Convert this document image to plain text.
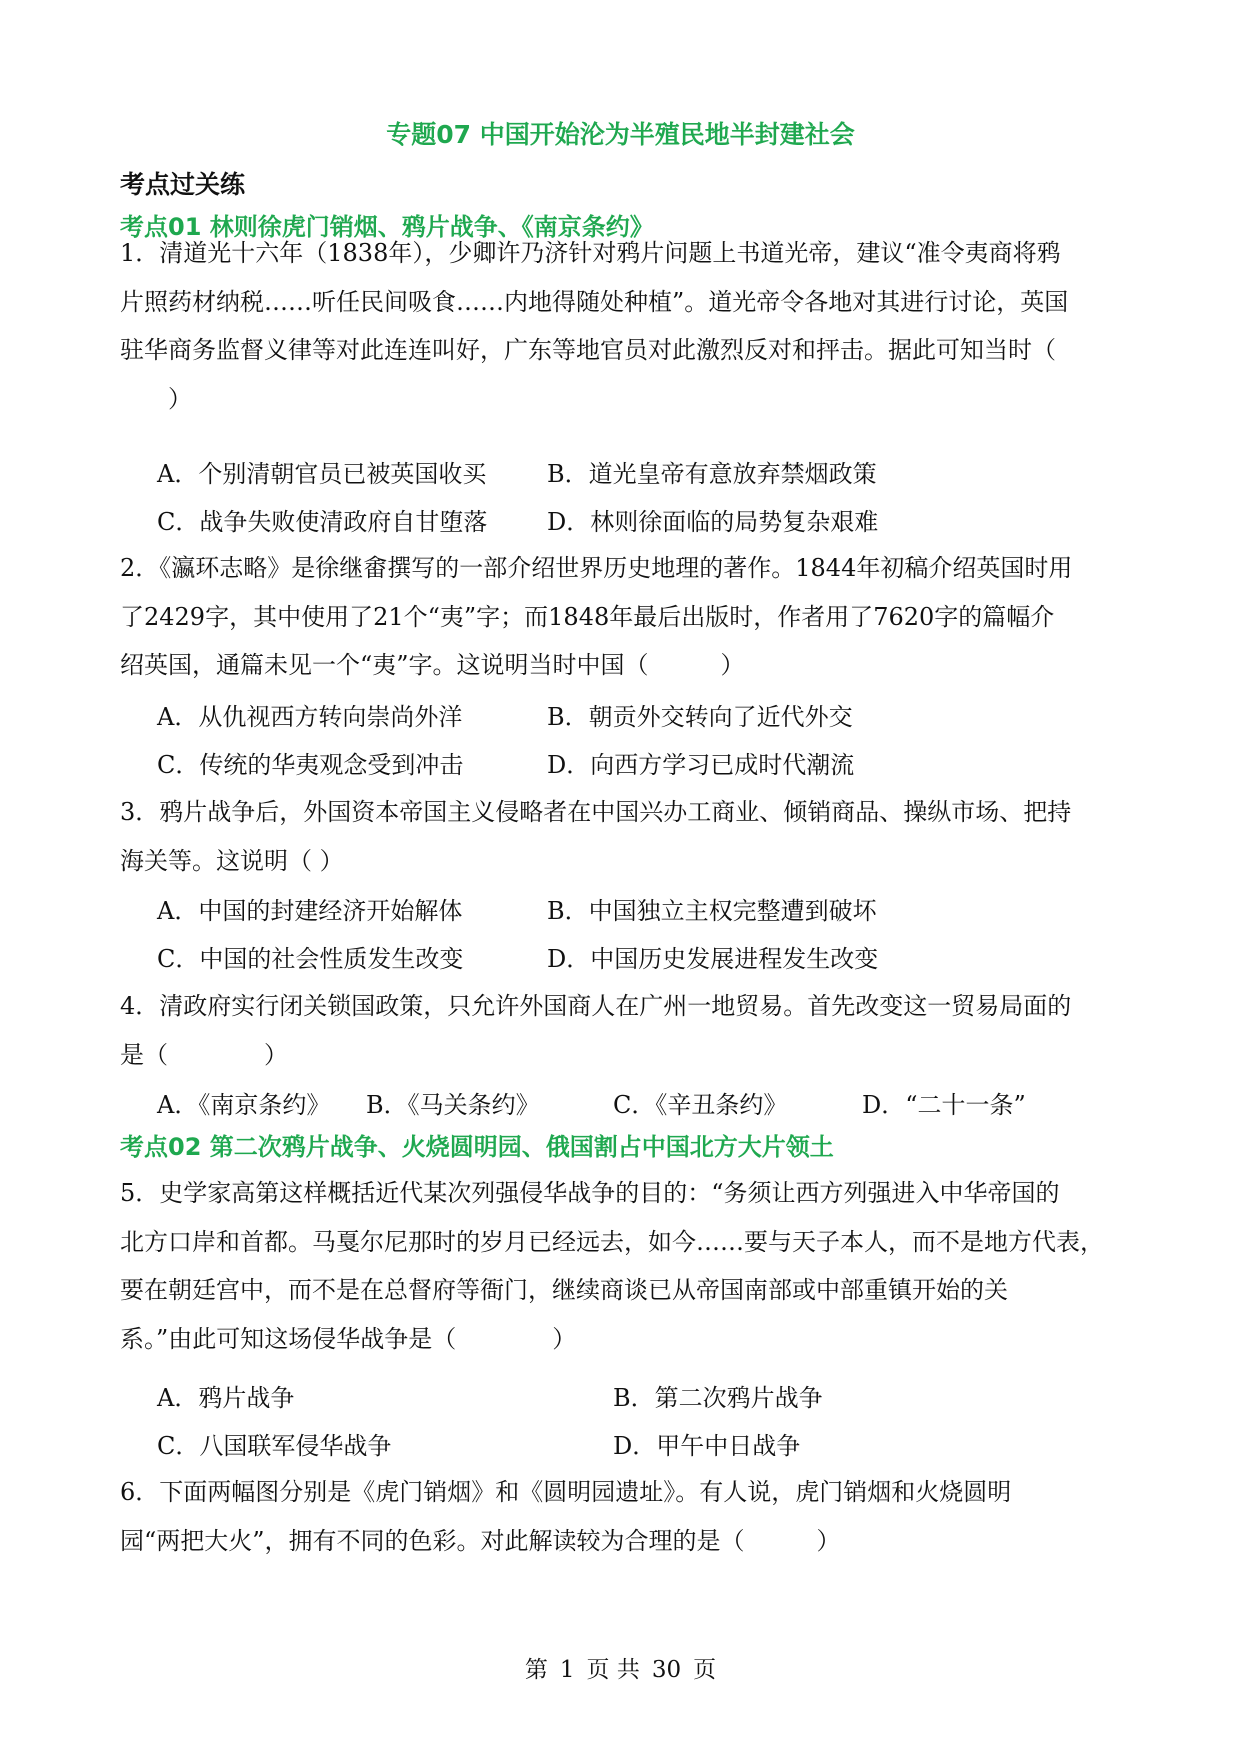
专题07 中国开始沦为半殖民地半封建社会
考点过关练
考点01 林则徐虎门销烟、鸦片战争、《南京条约》

1．清道光十六年（1838年），少卿许乃济针对鸦片问题上书道光帝，建议“准令夷商将鸦

片照药材纳税……听任民间吸食……内地得随处种植”。道光帝令各地对其进行讨论，英国

驻华商务监督义律等对此连连叫好，广东等地官员对此激烈反对和抨击。据此可知当时（

　　）

A．个别清朝官员已被英国收买	B．道光皇帝有意放弃禁烟政策
C．战争失败使清政府自甘堕落 D．林则徐面临的局势复杂艰难

2．《瀛环志略》是徐继畬撰写的一部介绍世界历史地理的著作。1844年初稿介绍英国时用

了2429字，其中使用了21个“夷”字；而1848年最后出版时，作者用了7620字的篇幅介

绍英国，通篇未见一个“夷”字。这说明当时中国（　　　）

A．从仇视西方转向崇尚外洋	B．朝贡外交转向了近代外交
C．传统的华夷观念受到冲击	D．向西方学习已成时代潮流

3．鸦片战争后，外国资本帝国主义侵略者在中国兴办工商业、倾销商品、操纵市场、把持

海关等。这说明（ ）

A．中国的封建经济开始解体	B．中国独立主权完整遭到破坏
C．中国的社会性质发生改变	D．中国历史发展进程发生改变

4．清政府实行闭关锁国政策，只允许外国商人在广州一地贸易。首先改变这一贸易局面的

是（　　　　）

A．《南京条约》 B．《马关条约》	C．《辛丑条约》	D．“二十一条”
考点02 第二次鸦片战争、火烧圆明园、俄国割占中国北方大片领土

5．史学家高第这样概括近代某次列强侵华战争的目的：“务须让西方列强进入中华帝国的

北方口岸和首都。马戛尔尼那时的岁月已经远去，如今……要与天子本人，而不是地方代表，

要在朝廷宫中，而不是在总督府等衙门，继续商谈已从帝国南部或中部重镇开始的关

系。”由此可知这场侵华战争是（　　　　）

A．鸦片战争	B．第二次鸦片战争
C．八国联军侵华战争	D．甲午中日战争

6．下面两幅图分别是《虎门销烟》和《圆明园遗址》。有人说，虎门销烟和火烧圆明

园“两把大火”，拥有不同的色彩。对此解读较为合理的是（　　　）

第 1 页 共 30 页
